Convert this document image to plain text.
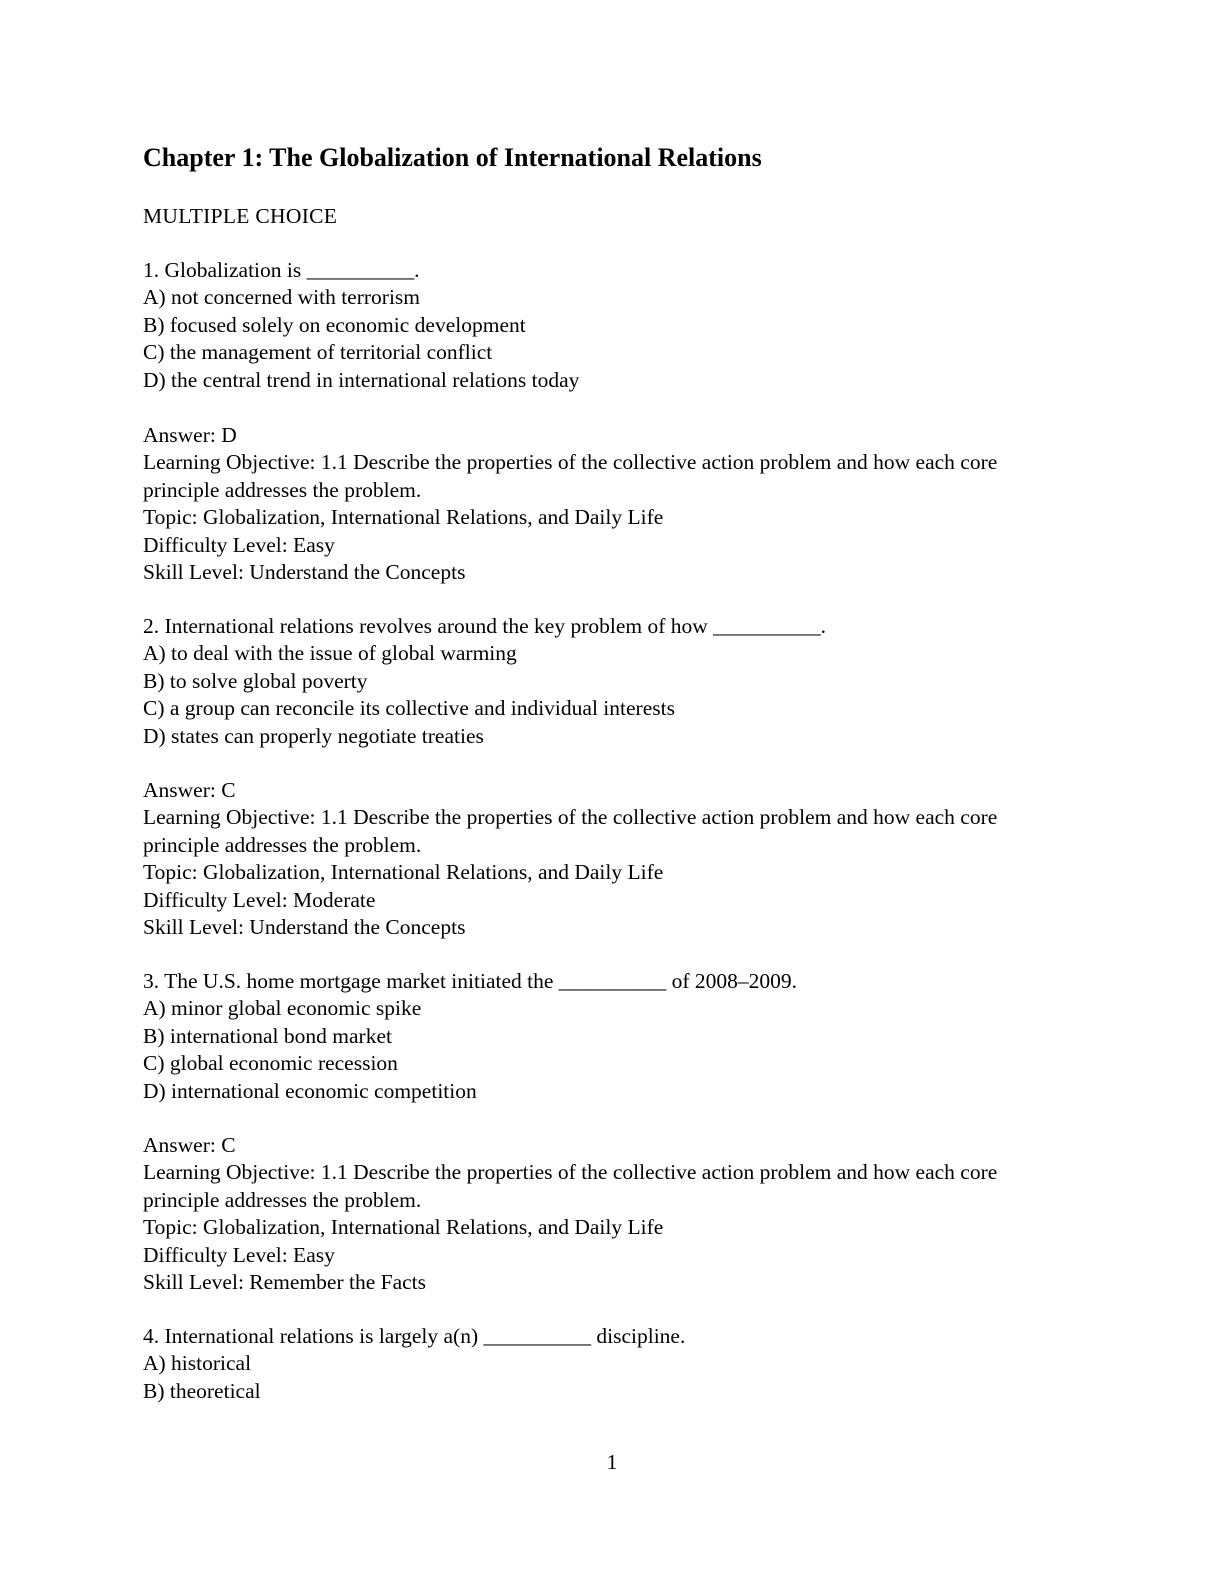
Chapter 1: The Globalization of International Relations
MULTIPLE CHOICE
1. Globalization is __________.
A) not concerned with terrorism
B) focused solely on economic development
C) the management of territorial conflict
D) the central trend in international relations today
Answer: D
Learning Objective: 1.1 Describe the properties of the collective action problem and how each core principle addresses the problem.
Topic: Globalization, International Relations, and Daily Life
Difficulty Level: Easy
Skill Level: Understand the Concepts
2. International relations revolves around the key problem of how __________.
A) to deal with the issue of global warming
B) to solve global poverty
C) a group can reconcile its collective and individual interests
D) states can properly negotiate treaties
Answer: C
Learning Objective: 1.1 Describe the properties of the collective action problem and how each core principle addresses the problem.
Topic: Globalization, International Relations, and Daily Life
Difficulty Level: Moderate
Skill Level: Understand the Concepts
3. The U.S. home mortgage market initiated the __________ of 2008–2009.
A) minor global economic spike
B) international bond market
C) global economic recession
D) international economic competition
Answer: C
Learning Objective: 1.1 Describe the properties of the collective action problem and how each core principle addresses the problem.
Topic: Globalization, International Relations, and Daily Life
Difficulty Level: Easy
Skill Level: Remember the Facts
4. International relations is largely a(n) __________ discipline.
A) historical
B) theoretical
1
